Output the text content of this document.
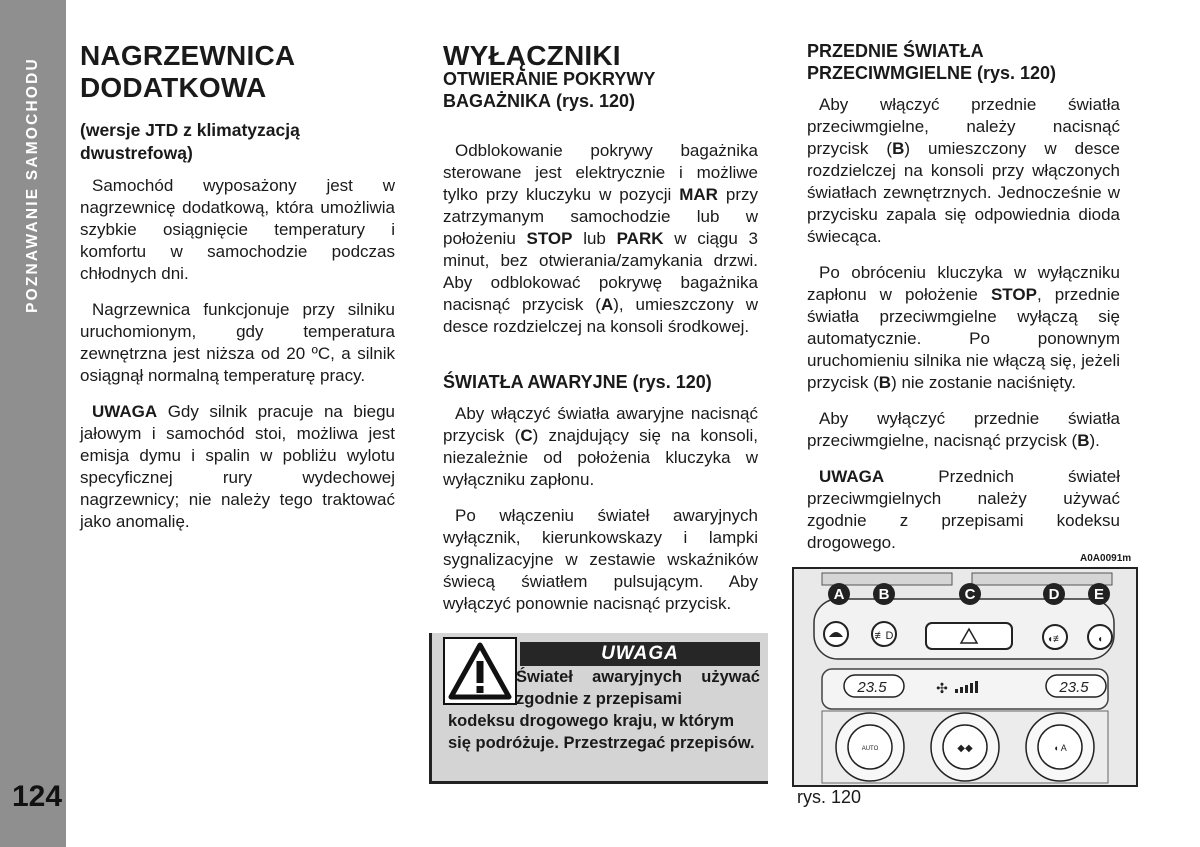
POZNAWANIE SAMOCHODU
124
NAGRZEWNICA
DODATKOWA
(wersje JTD z klimatyzacją
dwustrefową)

Samochód wyposażony jest w nagrzewnicę dodatkową, która umożliwia szybkie osiągnięcie temperatury i komfortu w samochodzie podczas chłodnych dni.

Nagrzewnica funkcjonuje przy silniku uruchomionym, gdy temperatura zewnętrzna jest niższa od 20 ºC, a silnik osiągnął normalną temperaturę pracy.

UWAGA Gdy silnik pracuje na biegu jałowym i samochód stoi, możliwa jest emisja dymu i spalin w pobliżu wylotu specyficznej rury wydechowej nagrzewnicy; nie należy tego traktować jako anomalię.

WYŁĄCZNIKI
OTWIERANIE POKRYWY
BAGAŻNIKA (rys. 120)

Odblokowanie pokrywy bagażnika sterowane jest elektrycznie i możliwe tylko przy kluczyku w pozycji MAR przy zatrzymanym samochodzie lub w położeniu STOP lub PARK w ciągu 3 minut, bez otwierania/zamykania drzwi. Aby odblokować pokrywę bagażnika nacisnąć przycisk (A), umieszczony w desce rozdzielczej na konsoli środkowej.

ŚWIATŁA AWARYJNE (rys. 120)

Aby włączyć światła awaryjne nacisnąć przycisk (C) znajdujący się na konsoli, niezależnie od położenia kluczyka w wyłączniku zapłonu.

Po włączeniu świateł awaryjnych wyłącznik, kierunkowskazy i lampki sygnalizacyjne w zestawie wskaźników świecą światłem pulsującym. Aby wyłączyć ponownie nacisnąć przycisk.

UWAGA
Świateł awaryjnych używać zgodnie z przepisami
kodeksu drogowego kraju, w którym się podróżuje. Przestrzegać przepisów.
PRZEDNIE ŚWIATŁA
PRZECIWMGIELNE (rys. 120)

Aby włączyć przednie światła przeciwmgielne, należy nacisnąć przycisk (B) umieszczony w desce rozdzielczej na konsoli przy włączonych światłach zewnętrznych. Jednocześnie w przycisku zapala się odpowiednia dioda świecąca.

Po obróceniu kluczyka w wyłączniku zapłonu w położenie STOP, przednie światła przeciwmgielne wyłączą się automatycznie. Po ponownym uruchomieniu silnika nie włączą się, jeżeli przycisk (B) nie zostanie naciśnięty.

Aby wyłączyć przednie światła przeciwmgielne, nacisnąć przycisk (B).

UWAGA Przednich świateł przeciwmgielnych należy używać zgodnie z przepisami kodeksu drogowego.

A0A0091m
≢D	◖≢	◖
A B	C	D E
23.5	23.5
✣
AUTO	◆◆	◖ A
rys. 120
